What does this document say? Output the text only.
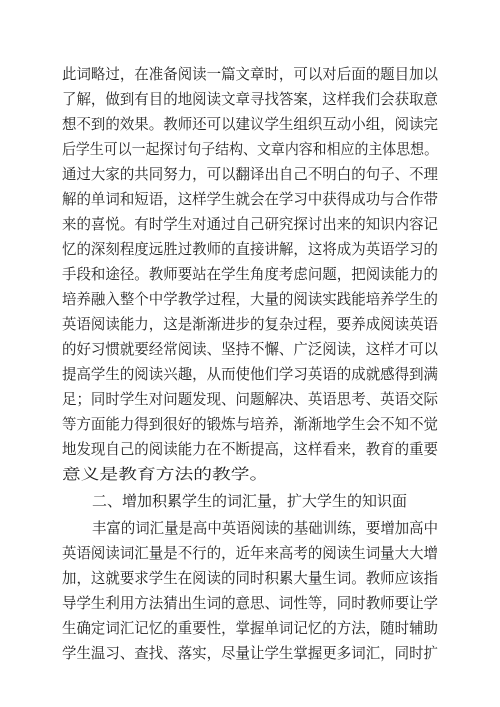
此词略过，在准备阅读一篇文章时，可以对后面的题目加以
了解，做到有目的地阅读文章寻找答案，这样我们会获取意
想不到的效果。教师还可以建议学生组织互动小组，阅读完
后学生可以一起探讨句子结构、文章内容和相应的主体思想。
通过大家的共同努力，可以翻译出自己不明白的句子、不理
解的单词和短语，这样学生就会在学习中获得成功与合作带
来的喜悦。有时学生对通过自己研究探讨出来的知识内容记
忆的深刻程度远胜过教师的直接讲解，这将成为英语学习的
手段和途径。教师要站在学生角度考虑问题，把阅读能力的
培养融入整个中学教学过程，大量的阅读实践能培养学生的
英语阅读能力，这是渐渐进步的复杂过程，要养成阅读英语
的好习惯就要经常阅读、坚持不懈、广泛阅读，这样才可以
提高学生的阅读兴趣，从而使他们学习英语的成就感得到满
足；同时学生对问题发现、问题解决、英语思考、英语交际
等方面能力得到很好的锻炼与培养，渐渐地学生会不知不觉
地发现自己的阅读能力在不断提高，这样看来，教育的重要
意义是教育方法的教学。
二、增加积累学生的词汇量，扩大学生的知识面
丰富的词汇量是高中英语阅读的基础训练，要增加高中
英语阅读词汇量是不行的，近年来高考的阅读生词量大大增
加，这就要求学生在阅读的同时积累大量生词。教师应该指
导学生利用方法猜出生词的意思、词性等，同时教师要让学
生确定词汇记忆的重要性，掌握单词记忆的方法，随时辅助
学生温习、查找、落实，尽量让学生掌握更多词汇，同时扩
